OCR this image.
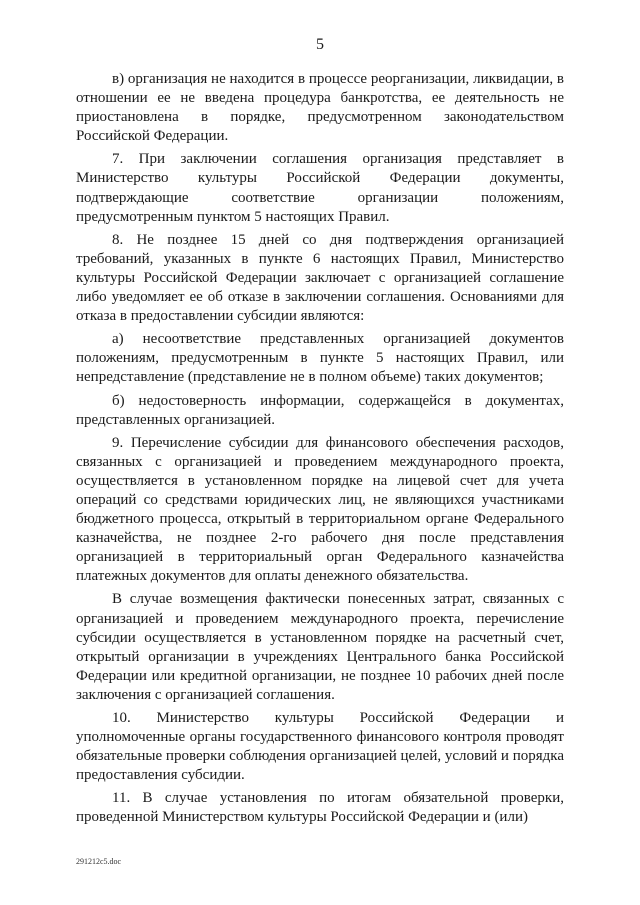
5

в) организация не находится в процессе реорганизации, ликвидации, в отношении ее не введена процедура банкротства, ее деятельность не приостановлена в порядке, предусмотренном законодательством Российской Федерации.

7. При заключении соглашения организация представляет в Министерство культуры Российской Федерации документы, подтверждающие соответствие организации положениям, предусмотренным пунктом 5 настоящих Правил.

8. Не позднее 15 дней со дня подтверждения организацией требований, указанных в пункте 6 настоящих Правил, Министерство культуры Российской Федерации заключает с организацией соглашение либо уведомляет ее об отказе в заключении соглашения. Основаниями для отказа в предоставлении субсидии являются:

а) несоответствие представленных организацией документов положениям, предусмотренным в пункте 5 настоящих Правил, или непредставление (представление не в полном объеме) таких документов;

б) недостоверность информации, содержащейся в документах, представленных организацией.

9. Перечисление субсидии для финансового обеспечения расходов, связанных с организацией и проведением международного проекта, осуществляется в установленном порядке на лицевой счет для учета операций со средствами юридических лиц, не являющихся участниками бюджетного процесса, открытый в территориальном органе Федерального казначейства, не позднее 2-го рабочего дня после представления организацией в территориальный орган Федерального казначейства платежных документов для оплаты денежного обязательства.

В случае возмещения фактически понесенных затрат, связанных с организацией и проведением международного проекта, перечисление субсидии осуществляется в установленном порядке на расчетный счет, открытый организации в учреждениях Центрального банка Российской Федерации или кредитной организации, не позднее 10 рабочих дней после заключения с организацией соглашения.

10. Министерство культуры Российской Федерации и уполномоченные органы государственного финансового контроля проводят обязательные проверки соблюдения организацией целей, условий и порядка предоставления субсидии.

11. В случае установления по итогам обязательной проверки, проведенной Министерством культуры Российской Федерации и (или)

291212c5.doc
